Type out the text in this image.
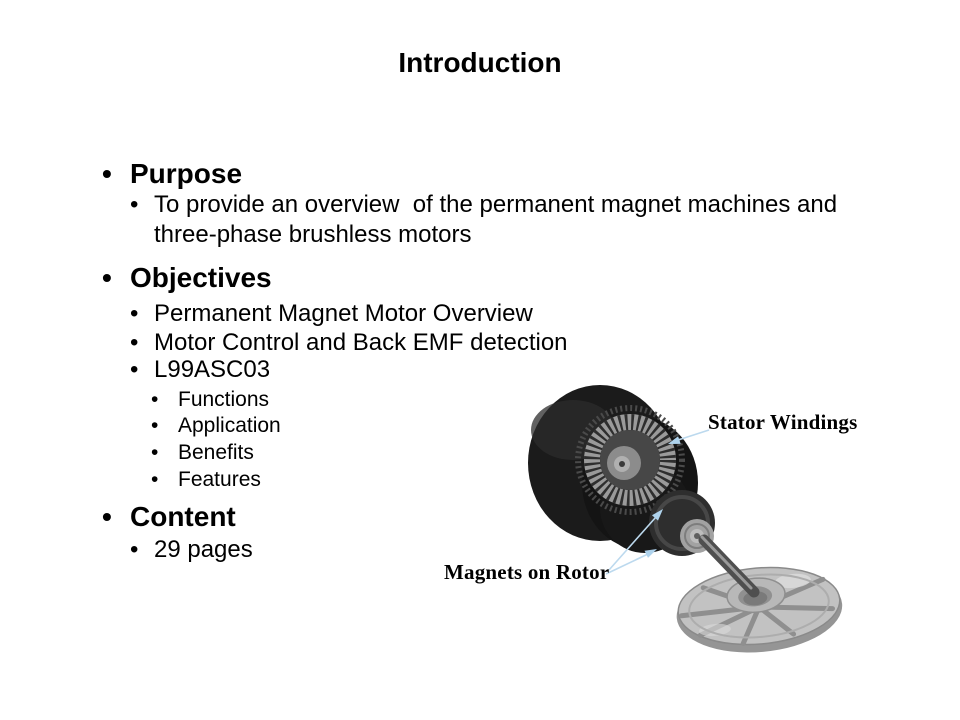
Introduction
• Purpose
• To provide an overview  of the permanent magnet machines and
three-phase brushless motors
• Objectives
• Permanent Magnet Motor Overview
• Motor Control and Back EMF detection
• L99ASC03
• Functions
• Application
• Benefits
• Features
• Content
• 29 pages
Stator Windings
Magnets on Rotor
